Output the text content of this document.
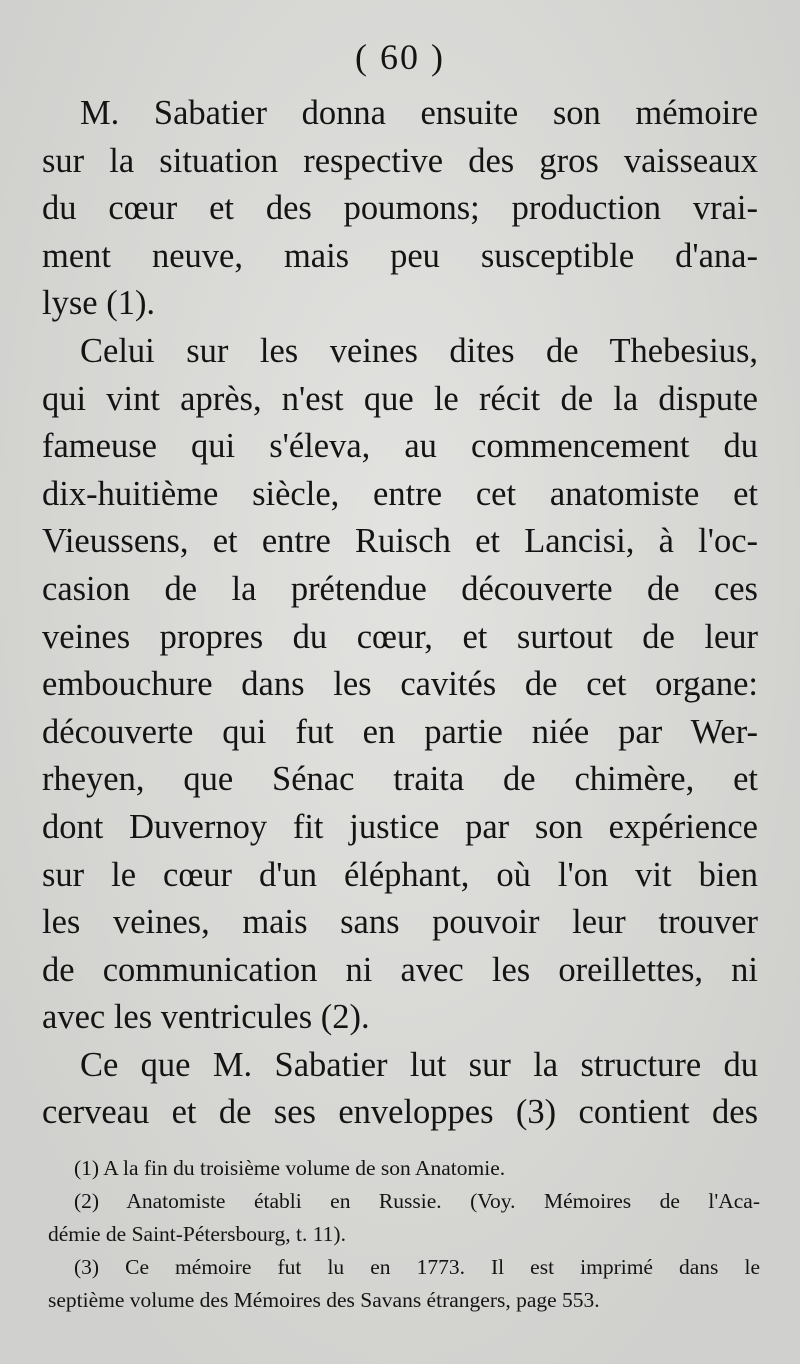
( 60 )
M. Sabatier donna ensuite son mémoire
sur la situation respective des gros vaisseaux
du cœur et des poumons; production vrai-
ment neuve, mais peu susceptible d'ana-
lyse (1).
Celui sur les veines dites de Thebesius,
qui vint après, n'est que le récit de la dispute
fameuse qui s'éleva, au commencement du
dix-huitième siècle, entre cet anatomiste et
Vieussens, et entre Ruisch et Lancisi, à l'oc-
casion de la prétendue découverte de ces
veines propres du cœur, et surtout de leur
embouchure dans les cavités de cet organe:
découverte qui fut en partie niée par Wer-
rheyen, que Sénac traita de chimère, et
dont Duvernoy fit justice par son expérience
sur le cœur d'un éléphant, où l'on vit bien
les veines, mais sans pouvoir leur trouver
de communication ni avec les oreillettes, ni
avec les ventricules (2).
Ce que M. Sabatier lut sur la structure du
cerveau et de ses enveloppes (3) contient des
(1) A la fin du troisième volume de son Anatomie.
(2) Anatomiste établi en Russie. (Voy. Mémoires de l'Aca-
démie de Saint-Pétersbourg, t. 11).
(3) Ce mémoire fut lu en 1773. Il est imprimé dans le
septième volume des Mémoires des Savans étrangers, page 553.
